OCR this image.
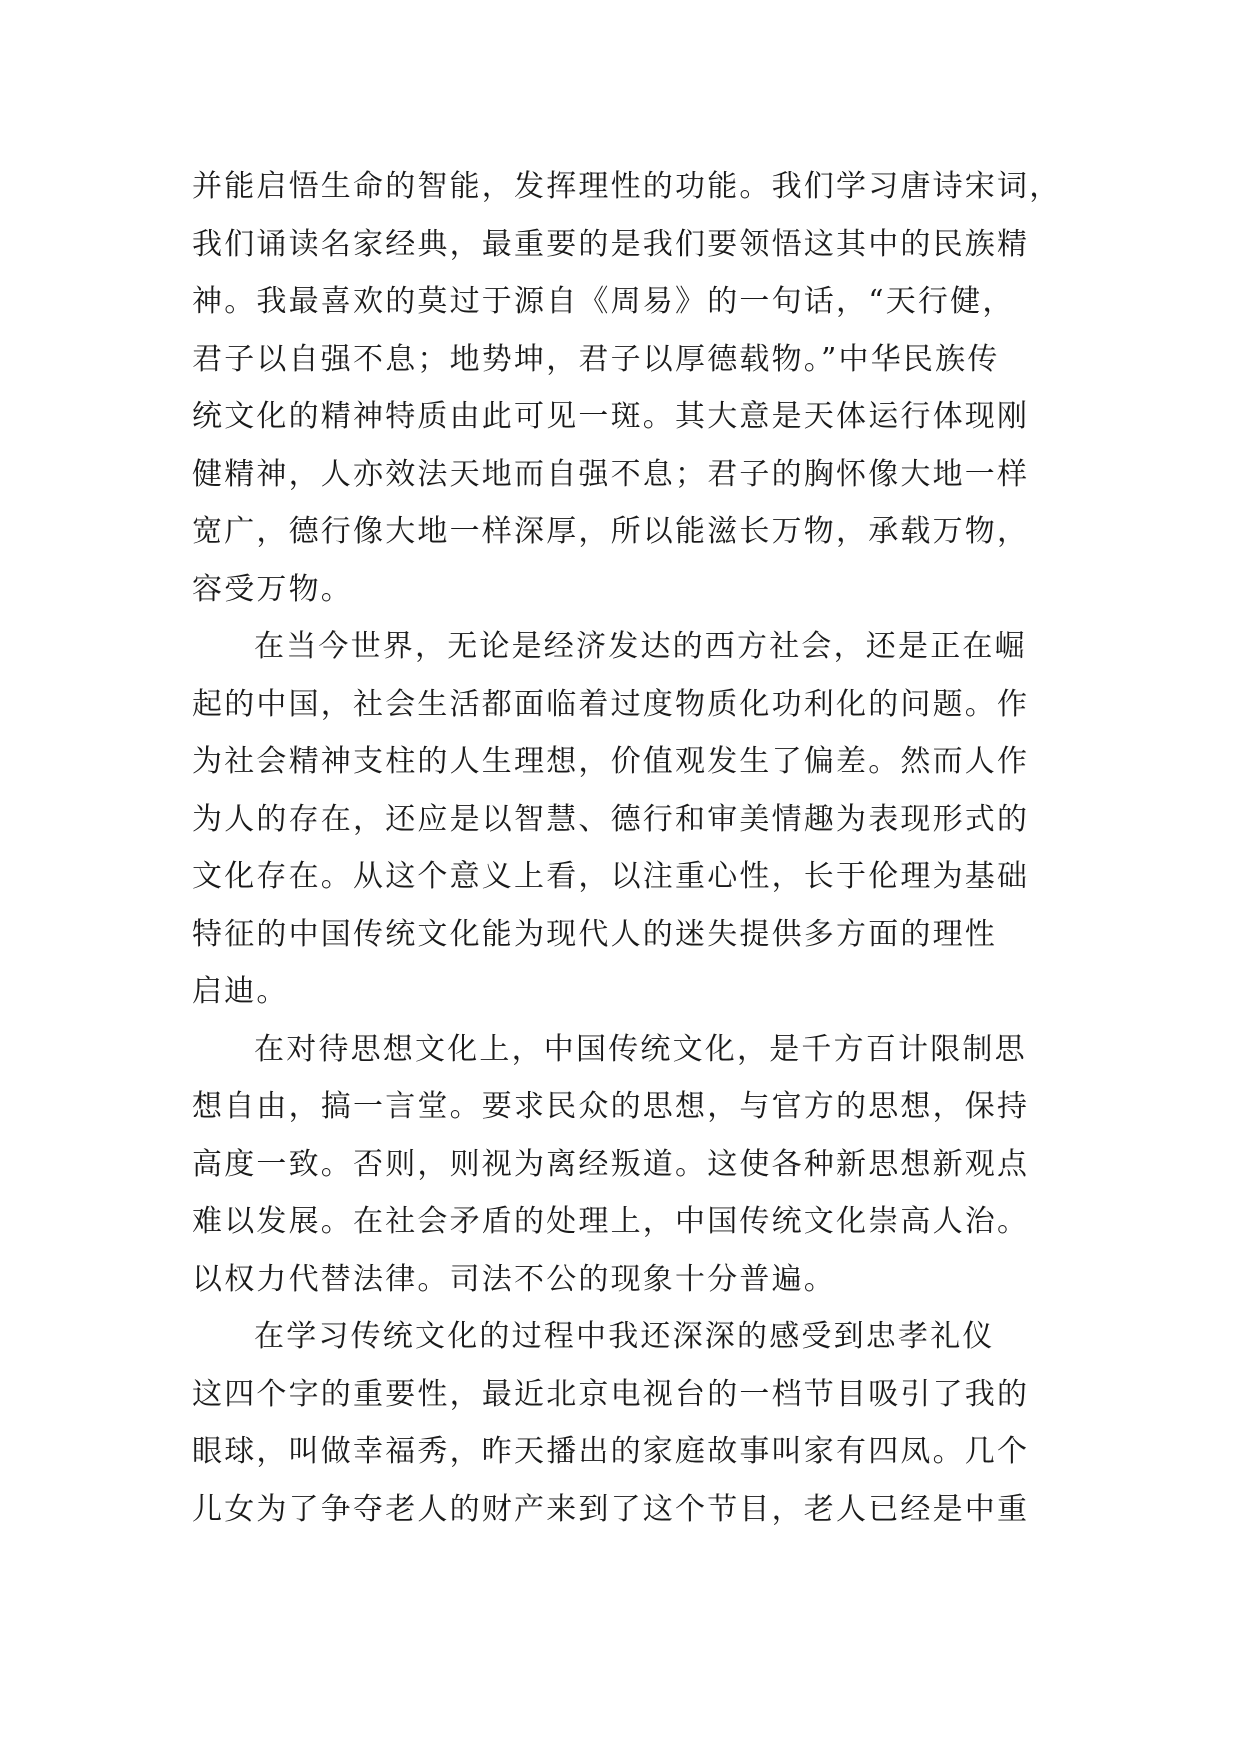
并能启悟生命的智能，发挥理性的功能。我们学习唐诗宋词，
我们诵读名家经典，最重要的是我们要领悟这其中的民族精
神。我最喜欢的莫过于源自《周易》的一句话，“天行健，
君子以自强不息；地势坤，君子以厚德载物。”中华民族传
统文化的精神特质由此可见一斑。其大意是天体运行体现刚
健精神，人亦效法天地而自强不息；君子的胸怀像大地一样
宽广，德行像大地一样深厚，所以能滋长万物，承载万物，
容受万物。
在当今世界，无论是经济发达的西方社会，还是正在崛
起的中国，社会生活都面临着过度物质化功利化的问题。作
为社会精神支柱的人生理想，价值观发生了偏差。然而人作
为人的存在，还应是以智慧、德行和审美情趣为表现形式的
文化存在。从这个意义上看，以注重心性，长于伦理为基础
特征的中国传统文化能为现代人的迷失提供多方面的理性
启迪。
在对待思想文化上，中国传统文化，是千方百计限制思
想自由，搞一言堂。要求民众的思想，与官方的思想，保持
高度一致。否则，则视为离经叛道。这使各种新思想新观点
难以发展。在社会矛盾的处理上，中国传统文化崇高人治。
以权力代替法律。司法不公的现象十分普遍。
在学习传统文化的过程中我还深深的感受到忠孝礼仪
这四个字的重要性，最近北京电视台的一档节目吸引了我的
眼球，叫做幸福秀，昨天播出的家庭故事叫家有四凤。几个
儿女为了争夺老人的财产来到了这个节目，老人已经是中重
